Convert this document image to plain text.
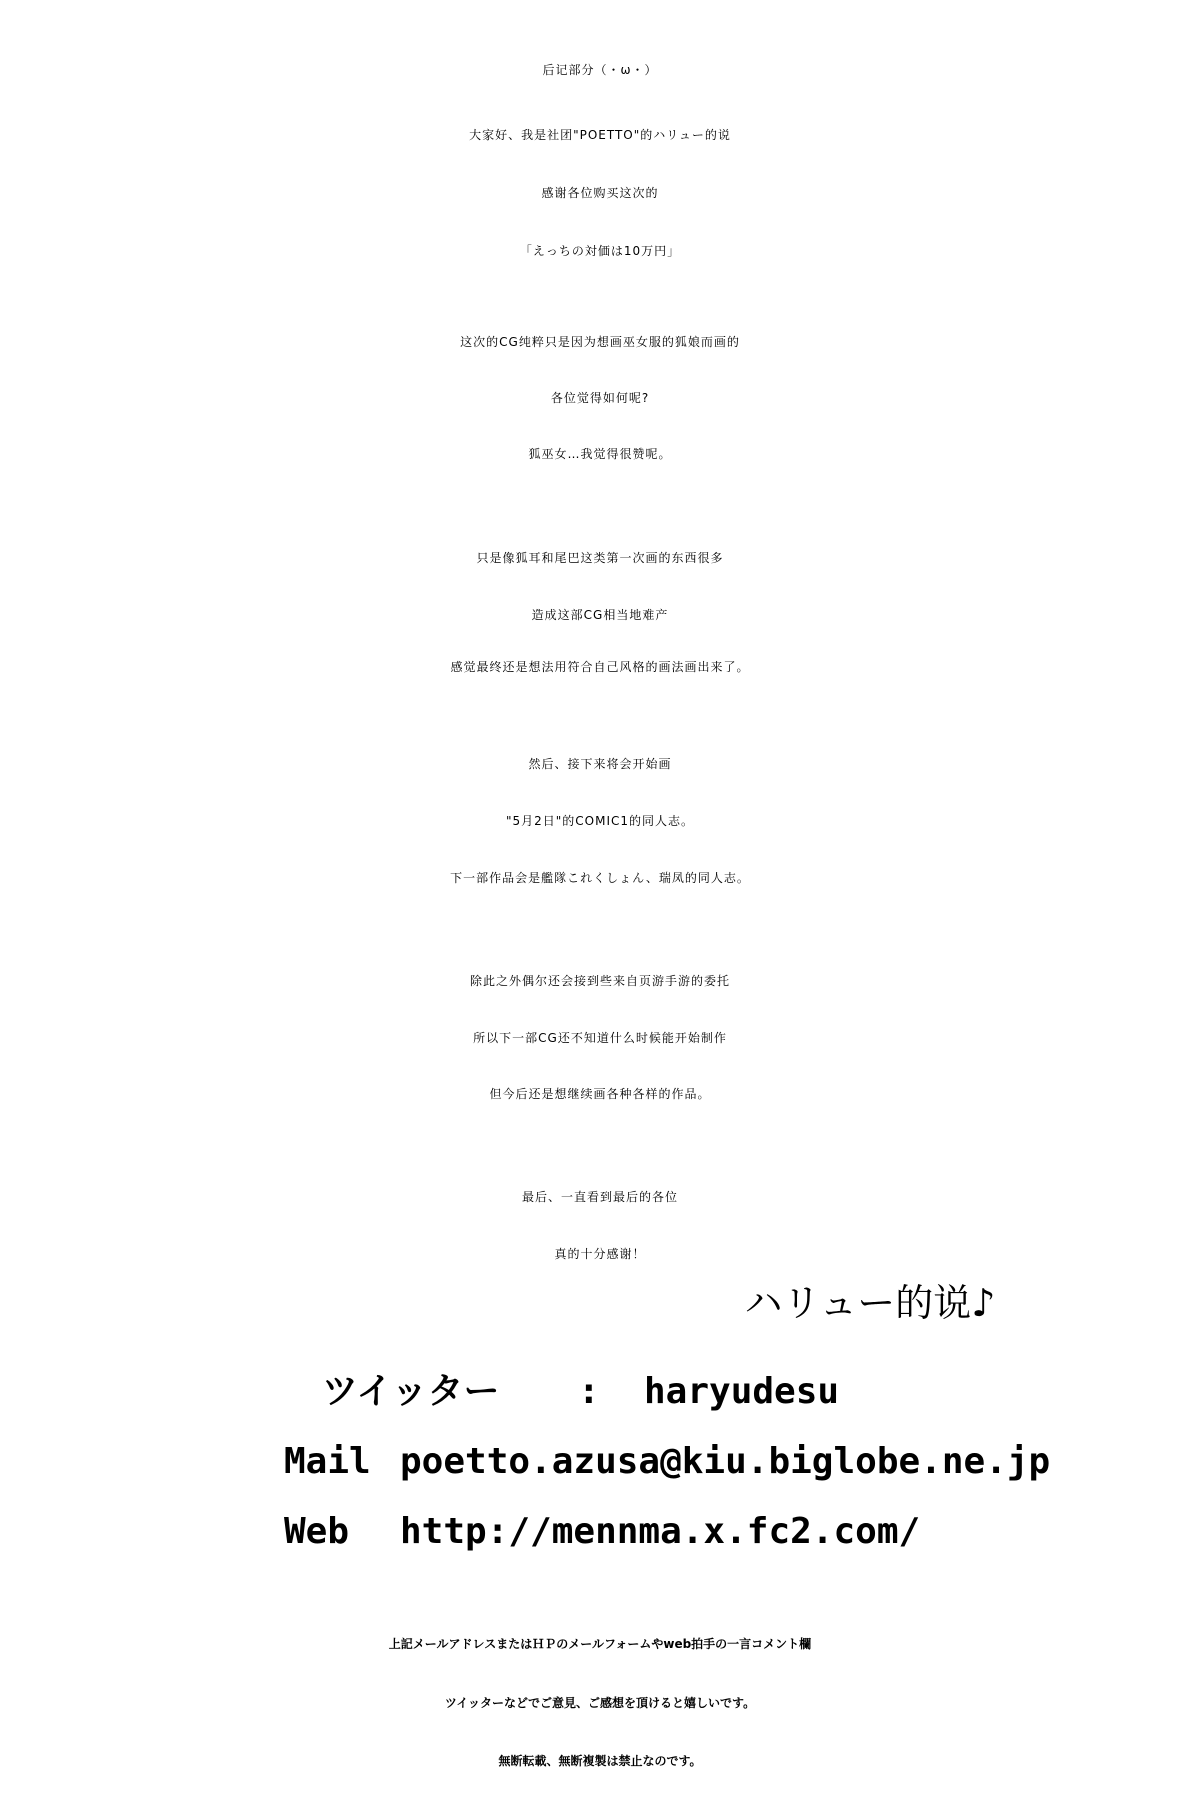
后记部分（・ω・）
大家好、我是社团"POETTO"的ハリュー的说
感谢各位购买这次的
「えっちの対価は10万円」
这次的CG纯粹只是因为想画巫女服的狐娘而画的
各位觉得如何呢?
狐巫女…我觉得很赞呢。
只是像狐耳和尾巴这类第一次画的东西很多
造成这部CG相当地难产
感觉最终还是想法用符合自己风格的画法画出来了。
然后、接下来将会开始画
"5月2日"的COMIC1的同人志。
下一部作品会是艦隊これくしょん、瑞凤的同人志。
除此之外偶尔还会接到些来自页游手游的委托
所以下一部CG还不知道什么时候能开始制作
但今后还是想继续画各种各样的作品。
最后、一直看到最后的各位
真的十分感谢！
ハリュー的说♪
ツイッター : haryudesu
Mail poetto.azusa@kiu.biglobe.ne.jp
Web http://mennma.x.fc2.com/
上記メールアドレスまたはＨＰのメールフォームやweb拍手の一言コメント欄
ツイッターなどでご意見、ご感想を頂けると嬉しいです。
無断転載、無断複製は禁止なのです。
